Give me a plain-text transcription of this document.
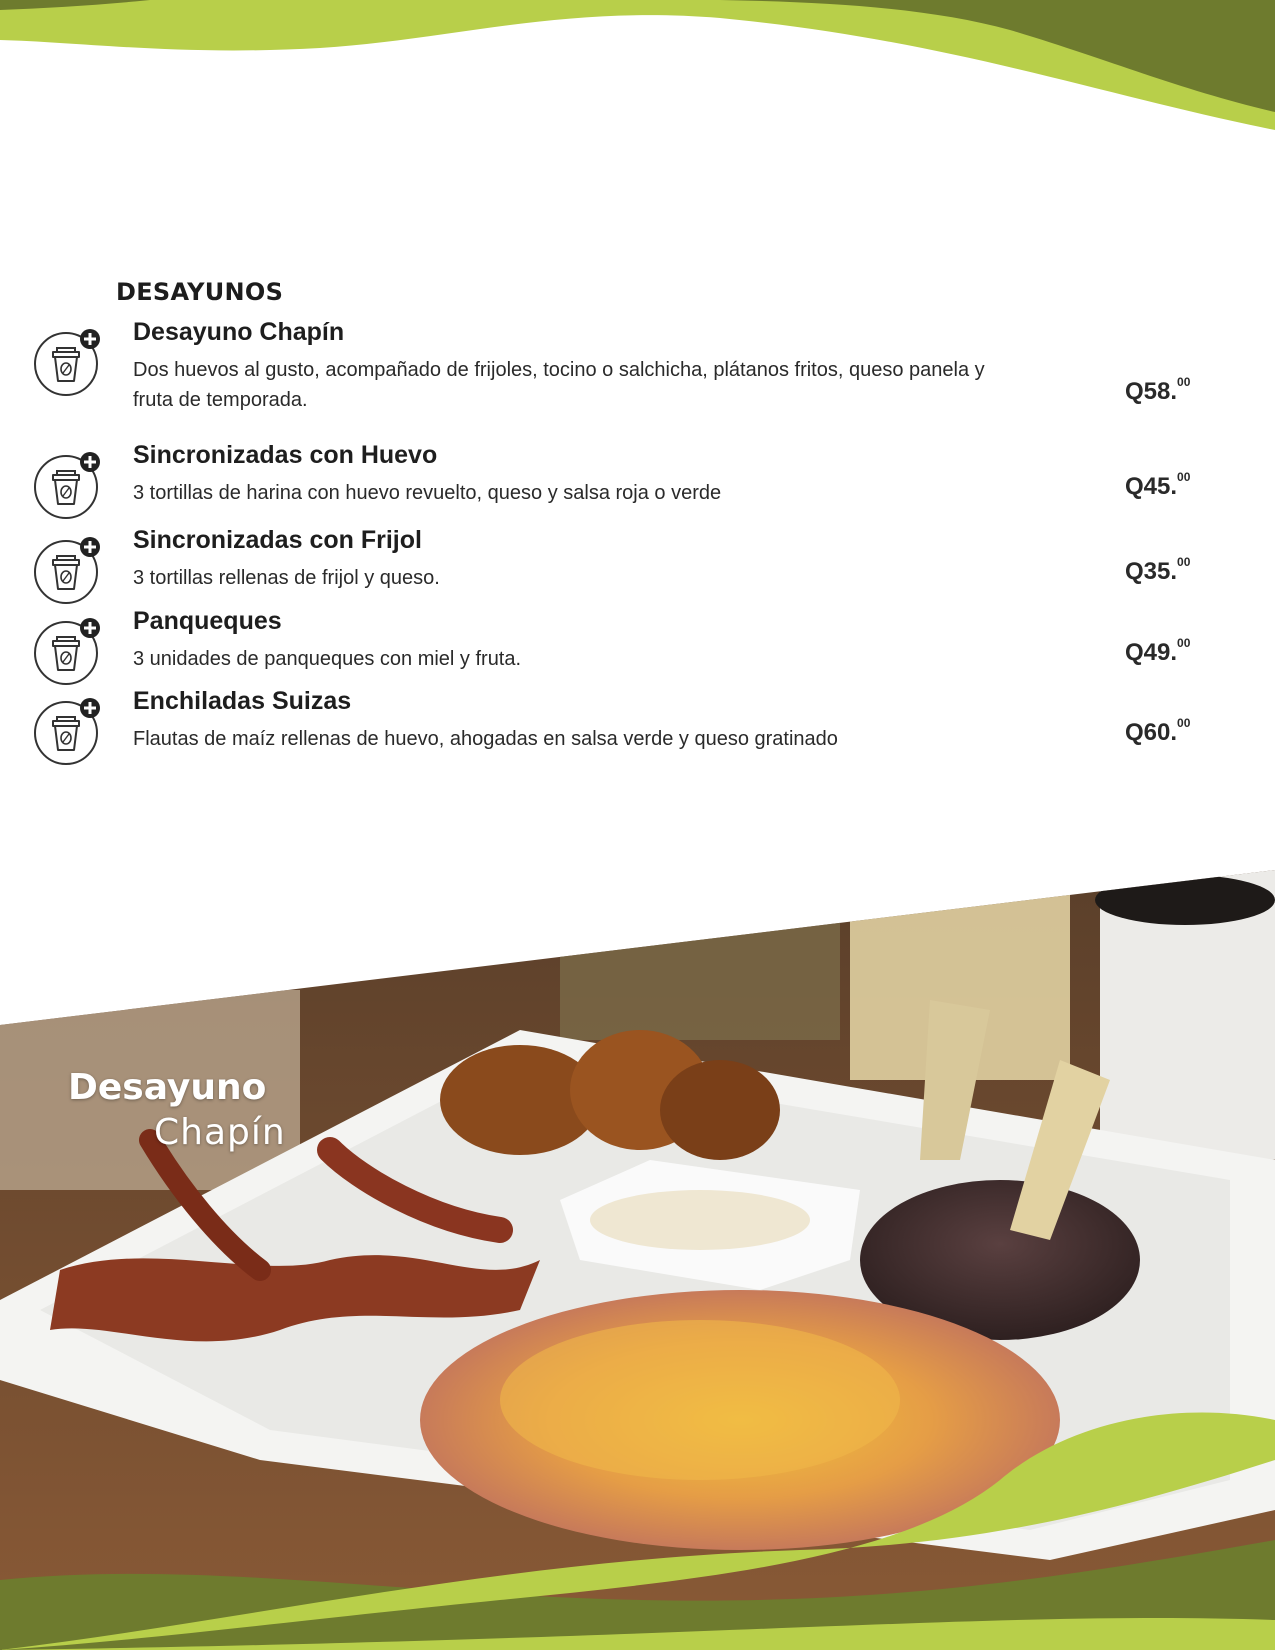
DESAYUNOS
Desayuno Chapín
Dos huevos al gusto, acompañado de frijoles, tocino o salchicha, plátanos fritos, queso panela y fruta de temporada.	Q58.00
Sincronizadas con Huevo
3 tortillas de harina con huevo revuelto, queso y salsa roja o verde	Q45.00
Sincronizadas con Frijol
3 tortillas rellenas de frijol y queso.	Q35.00
Panqueques
3 unidades de panqueques con miel y fruta.	Q49.00
Enchiladas Suizas
Flautas de maíz rellenas de huevo, ahogadas en salsa verde y queso gratinado	Q60.00
Desayuno
Chapín
